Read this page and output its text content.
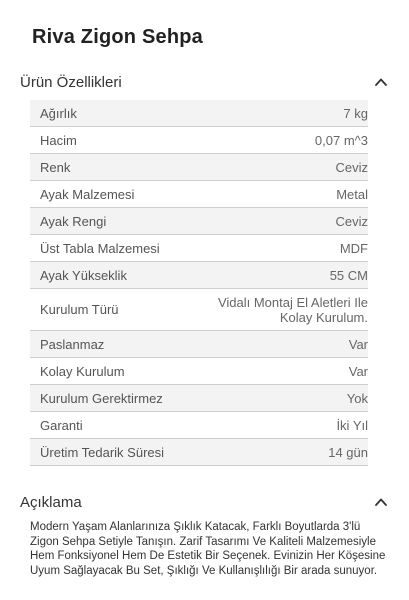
Riva Zigon Sehpa
Ürün Özellikleri
Ağırlık	7 kg
Hacim	0,07 m^3
Renk	Ceviz
Ayak Malzemesi	Metal
Ayak Rengi	Ceviz
Üst Tabla Malzemesi	MDF
Ayak Yükseklik	55 CM
Kurulum Türü	Vidalı Montaj El Aletleri Ile
Kolay Kurulum.
Paslanmaz	Var
Kolay Kurulum	Var
Kurulum Gerektirmez	Yok
Garanti	İki Yıl
Üretim Tedarik Süresi	14 gün
Açıklama

Modern Yaşam Alanlarınıza Şıklık Katacak, Farklı Boyutlarda 3'lü Zigon Sehpa Setiyle Tanışın. Zarif Tasarımı Ve Kaliteli Malzemesiyle Hem Fonksiyonel Hem De Estetik Bir Seçenek. Evinizin Her Köşesine Uyum Sağlayacak Bu Set, Şıklığı Ve Kullanışlılığı Bir arada sunuyor.
